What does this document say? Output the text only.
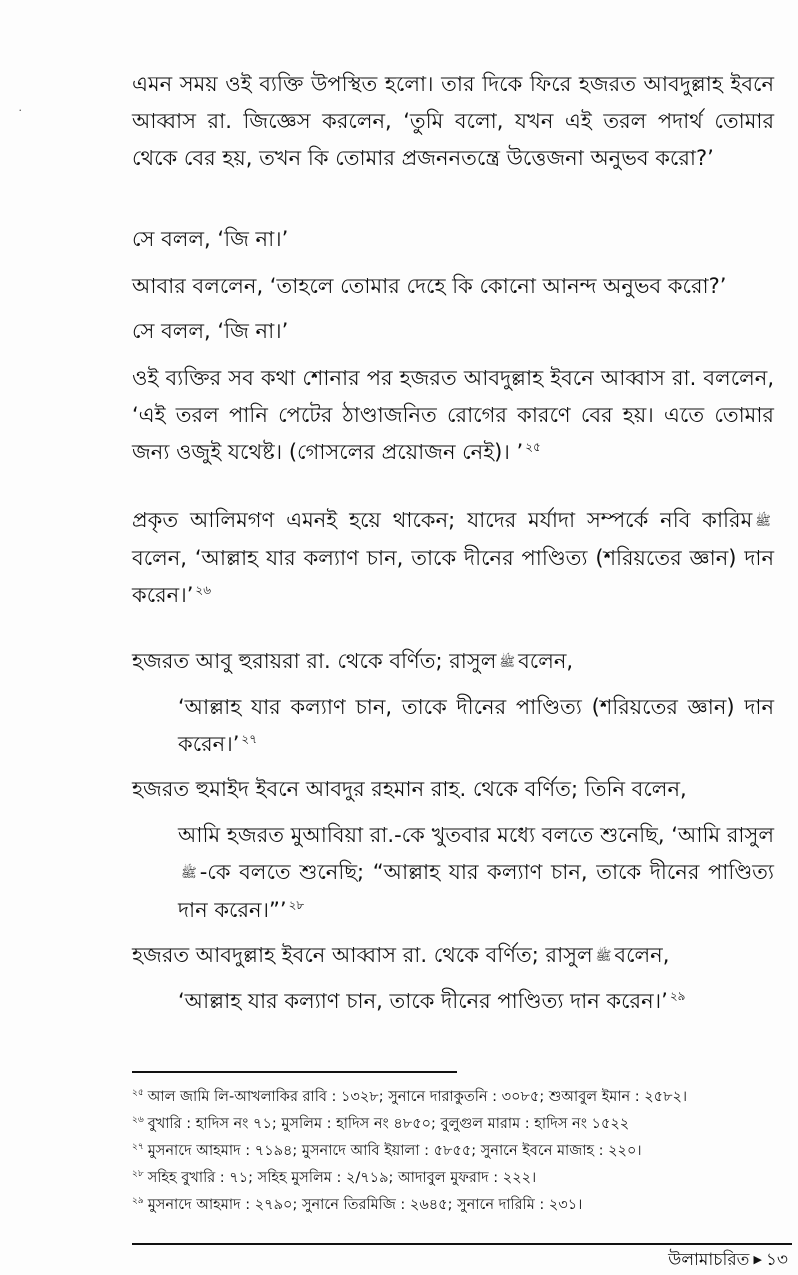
এমন সময় ওই ব্যক্তি উপস্থিত হলো। তার দিকে ফিরে হজরত আবদুল্লাহ ইবনে আব্বাস রা. জিজ্ঞেস করলেন, ‘তুমি বলো, যখন এই তরল পদার্থ তোমার থেকে বের হয়, তখন কি তোমার প্রজননতন্ত্রে উত্তেজনা অনুভব করো?’

সে বলল, ‘জি না।’

আবার বললেন, ‘তাহলে তোমার দেহে কি কোনো আনন্দ অনুভব করো?’

সে বলল, ‘জি না।’

ওই ব্যক্তির সব কথা শোনার পর হজরত আবদুল্লাহ ইবনে আব্বাস রা. বললেন, ‘এই তরল পানি পেটের ঠাণ্ডাজনিত রোগের কারণে বের হয়। এতে তোমার জন্য ওজুই যথেষ্ট। (গোসলের প্রয়োজন নেই)। ’ $^{২৫}$

প্রকৃত আলিমগণ এমনই হয়ে থাকেন; যাদের মর্যাদা সম্পর্কে নবি কারিম ﷺবলেন, ‘আল্লাহ যার কল্যাণ চান, তাকে দীনের পাণ্ডিত্য (শরিয়তের জ্ঞান) দান করেন।’ $^{২৬}$

হজরত আবু হুরায়রা রা. থেকে বর্ণিত; রাসুল ﷺ বলেন,

‘আল্লাহ যার কল্যাণ চান, তাকে দীনের পাণ্ডিত্য (শরিয়তের জ্ঞান) দান করেন।’ $^{২৭}$

হজরত হুমাইদ ইবনে আবদুর রহমান রাহ. থেকে বর্ণিত; তিনি বলেন,

আমি হজরত মুআবিয়া রা.-কে খুতবার মধ্যে বলতে শুনেছি, ‘আমি রাসুলﷺ -কে বলতে শুনেছি; “আল্লাহ যার কল্যাণ চান, তাকে দীনের পাণ্ডিত্য দান করেন।”’ $^{২৮}$

হজরত আবদুল্লাহ ইবনে আব্বাস রা. থেকে বর্ণিত; রাসুল ﷺ বলেন,

‘আল্লাহ যার কল্যাণ চান, তাকে দীনের পাণ্ডিত্য দান করেন।’ $^{২৯}$

$^{২৫}$ আল জামি লি-আখলাকির রাবি : ১৩২৮; সুনানে দারাকুতনি : ৩০৮৫; শুআবুল ইমান : ২৫৮২।

$^{২৬}$ বুখারি : হাদিস নং ৭১; মুসলিম : হাদিস নং ৪৮৫০; বুলুগুল মারাম : হাদিস নং ১৫২২

$^{২৭}$ মুসনাদে আহমাদ : ৭১৯৪; মুসনাদে আবি ইয়ালা : ৫৮৫৫; সুনানে ইবনে মাজাহ : ২২০।

$^{২৮}$ সহিহ বুখারি : ৭১; সহিহ মুসলিম : ২/৭১৯; আদাবুল মুফরাদ : ২২২।

$^{২৯}$ মুসনাদে আহমাদ : ২৭৯০; সুনানে তিরমিজি : ২৬৪৫; সুনানে দারিমি : ২৩১।

উলামাচরিত ▶ ১৩
